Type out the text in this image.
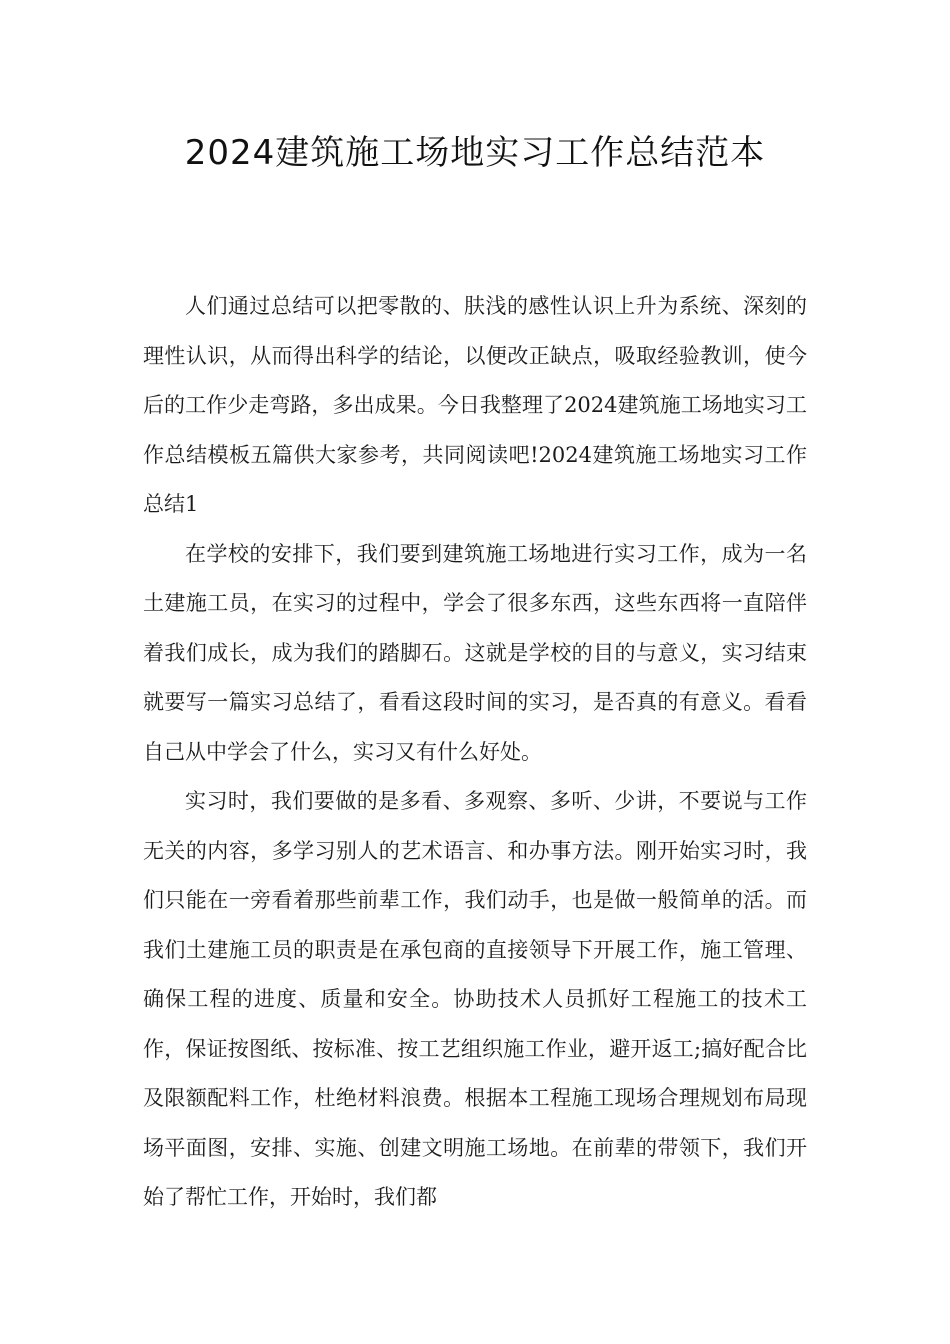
2024建筑施工场地实习工作总结范本

人们通过总结可以把零散的、肤浅的感性认识上升为系统、深刻的理性认识，从而得出科学的结论，以便改正缺点，吸取经验教训，使今后的工作少走弯路，多出成果。今日我整理了2024建筑施工场地实习工作总结模板五篇供大家参考，共同阅读吧!2024建筑施工场地实习工作总结1

在学校的安排下，我们要到建筑施工场地进行实习工作，成为一名土建施工员，在实习的过程中，学会了很多东西，这些东西将一直陪伴着我们成长，成为我们的踏脚石。这就是学校的目的与意义，实习结束就要写一篇实习总结了，看看这段时间的实习，是否真的有意义。看看自己从中学会了什么，实习又有什么好处。

实习时，我们要做的是多看、多观察、多听、少讲，不要说与工作无关的内容，多学习别人的艺术语言、和办事方法。刚开始实习时，我们只能在一旁看着那些前辈工作，我们动手，也是做一般简单的活。而我们土建施工员的职责是在承包商的直接领导下开展工作，施工管理、确保工程的进度、质量和安全。协助技术人员抓好工程施工的技术工作，保证按图纸、按标准、按工艺组织施工作业，避开返工;搞好配合比及限额配料工作，杜绝材料浪费。根据本工程施工现场合理规划布局现场平面图，安排、实施、创建文明施工场地。在前辈的带领下，我们开始了帮忙工作，开始时，我们都
